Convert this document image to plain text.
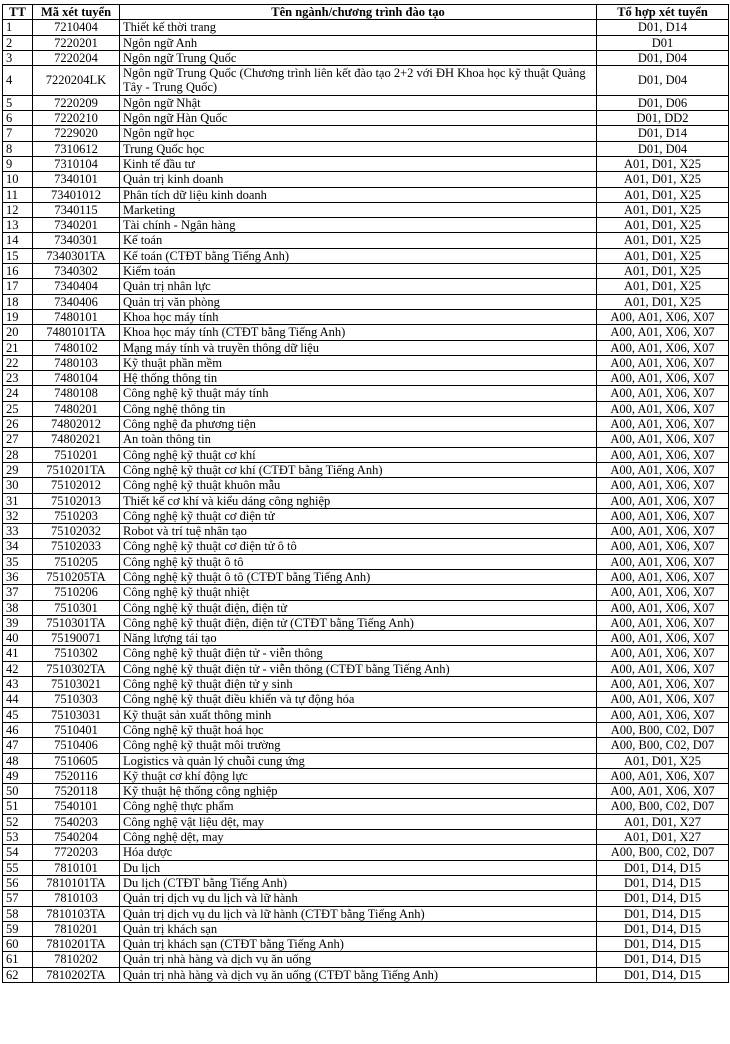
TT	Mã xét tuyển	Tên ngành/chương trình đào tạo	Tổ hợp xét tuyển
1	7210404	Thiết kế thời trang	D01, D14
2	7220201	Ngôn ngữ Anh	D01
3	7220204	Ngôn ngữ Trung Quốc	D01, D04
4	7220204LK	Ngôn ngữ Trung Quốc (Chương trình liên kết đào tạo 2+2 với ĐH Khoa học kỹ thuật Quảng Tây - Trung Quốc)	D01, D04
5	7220209	Ngôn ngữ Nhật	D01, D06
6	7220210	Ngôn ngữ Hàn Quốc	D01, DD2
7	7229020	Ngôn ngữ học	D01, D14
8	7310612	Trung Quốc học	D01, D04
9	7310104	Kinh tế đầu tư	A01, D01, X25
10	7340101	Quản trị kinh doanh	A01, D01, X25
11	73401012	Phân tích dữ liệu kinh doanh	A01, D01, X25
12	7340115	Marketing	A01, D01, X25
13	7340201	Tài chính - Ngân hàng	A01, D01, X25
14	7340301	Kế toán	A01, D01, X25
15	7340301TA	Kế toán (CTĐT bằng Tiếng Anh)	A01, D01, X25
16	7340302	Kiểm toán	A01, D01, X25
17	7340404	Quản trị nhân lực	A01, D01, X25
18	7340406	Quản trị văn phòng	A01, D01, X25
19	7480101	Khoa học máy tính	A00, A01, X06, X07
20	7480101TA	Khoa học máy tính (CTĐT bằng Tiếng Anh)	A00, A01, X06, X07
21	7480102	Mạng máy tính và truyền thông dữ liệu	A00, A01, X06, X07
22	7480103	Kỹ thuật phần mềm	A00, A01, X06, X07
23	7480104	Hệ thống thông tin	A00, A01, X06, X07
24	7480108	Công nghệ kỹ thuật máy tính	A00, A01, X06, X07
25	7480201	Công nghệ thông tin	A00, A01, X06, X07
26	74802012	Công nghệ đa phương tiện	A00, A01, X06, X07
27	74802021	An toàn thông tin	A00, A01, X06, X07
28	7510201	Công nghệ kỹ thuật cơ khí	A00, A01, X06, X07
29	7510201TA	Công nghệ kỹ thuật cơ khí (CTĐT bằng Tiếng Anh)	A00, A01, X06, X07
30	75102012	Công nghệ kỹ thuật khuôn mẫu	A00, A01, X06, X07
31	75102013	Thiết kế cơ khí và kiểu dáng công nghiệp	A00, A01, X06, X07
32	7510203	Công nghệ kỹ thuật cơ điện tử	A00, A01, X06, X07
33	75102032	Robot và trí tuệ nhân tạo	A00, A01, X06, X07
34	75102033	Công nghệ kỹ thuật cơ điện tử ô tô	A00, A01, X06, X07
35	7510205	Công nghệ kỹ thuật ô tô	A00, A01, X06, X07
36	7510205TA	Công nghệ kỹ thuật ô tô (CTĐT bằng Tiếng Anh)	A00, A01, X06, X07
37	7510206	Công nghệ kỹ thuật nhiệt	A00, A01, X06, X07
38	7510301	Công nghệ kỹ thuật điện, điện tử	A00, A01, X06, X07
39	7510301TA	Công nghệ kỹ thuật điện, điện tử (CTĐT bằng Tiếng Anh)	A00, A01, X06, X07
40	75190071	Năng lượng tái tạo	A00, A01, X06, X07
41	7510302	Công nghệ kỹ thuật điện tử - viễn thông	A00, A01, X06, X07
42	7510302TA	Công nghệ kỹ thuật điện tử - viễn thông (CTĐT bằng Tiếng Anh)	A00, A01, X06, X07
43	75103021	Công nghệ kỹ thuật điện tử y sinh	A00, A01, X06, X07
44	7510303	Công nghệ kỹ thuật điều khiển và tự động hóa	A00, A01, X06, X07
45	75103031	Kỹ thuật sản xuất thông minh	A00, A01, X06, X07
46	7510401	Công nghệ kỹ thuật hoá học	A00, B00, C02, D07
47	7510406	Công nghệ kỹ thuật môi trường	A00, B00, C02, D07
48	7510605	Logistics và quản lý chuỗi cung ứng	A01, D01, X25
49	7520116	Kỹ thuật cơ khí động lực	A00, A01, X06, X07
50	7520118	Kỹ thuật hệ thống công nghiệp	A00, A01, X06, X07
51	7540101	Công nghệ thực phẩm	A00, B00, C02, D07
52	7540203	Công nghệ vật liệu dệt, may	A01, D01, X27
53	7540204	Công nghệ dệt, may	A01, D01, X27
54	7720203	Hóa dược	A00, B00, C02, D07
55	7810101	Du lịch	D01, D14, D15
56	7810101TA	Du lịch (CTĐT bằng Tiếng Anh)	D01, D14, D15
57	7810103	Quản trị dịch vụ du lịch và lữ hành	D01, D14, D15
58	7810103TA	Quản trị dịch vụ du lịch và lữ hành (CTĐT bằng Tiếng Anh)	D01, D14, D15
59	7810201	Quản trị khách sạn	D01, D14, D15
60	7810201TA	Quản trị khách sạn (CTĐT bằng Tiếng Anh)	D01, D14, D15
61	7810202	Quản trị nhà hàng và dịch vụ ăn uống	D01, D14, D15
62	7810202TA	Quản trị nhà hàng và dịch vụ ăn uống (CTĐT bằng Tiếng Anh)	D01, D14, D15
